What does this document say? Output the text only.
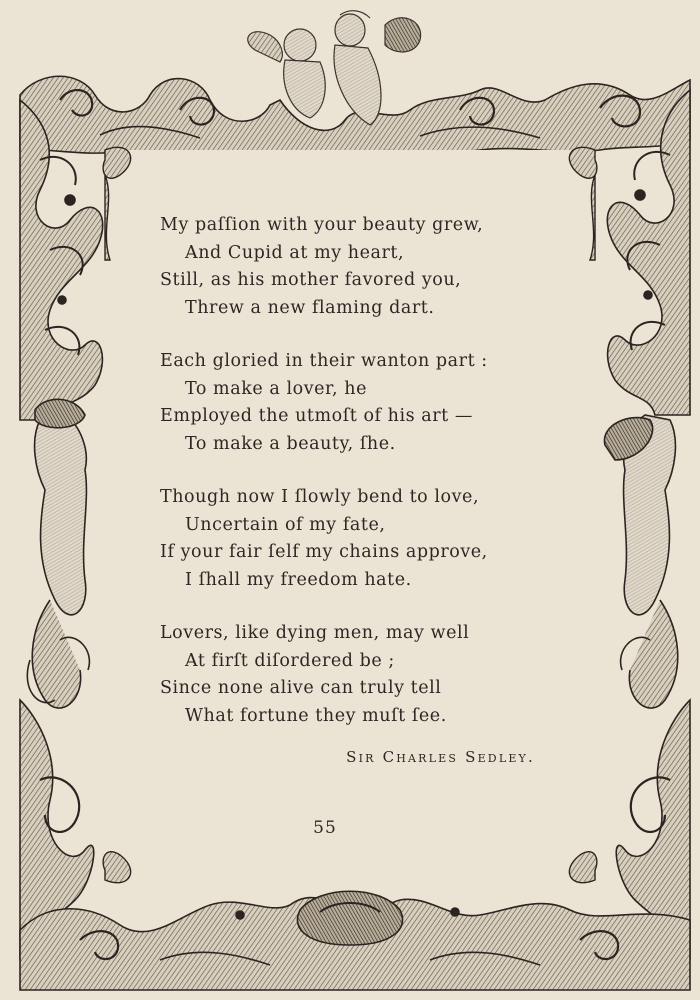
My paſſion with your beauty grew,
And Cupid at my heart,
Still, as his mother favored you,
Threw a new flaming dart.
Each gloried in their wanton part :
To make a lover, he
Employed the utmoſt of his art —
To make a beauty, ſhe.
Though now I ſlowly bend to love,
Uncertain of my fate,
If your fair ſelf my chains approve,
I ſhall my freedom hate.
Lovers, like dying men, may well
At firſt diſordered be ;
Since none alive can truly tell
What fortune they muſt ſee.
Sir Charles Sedley.
55
